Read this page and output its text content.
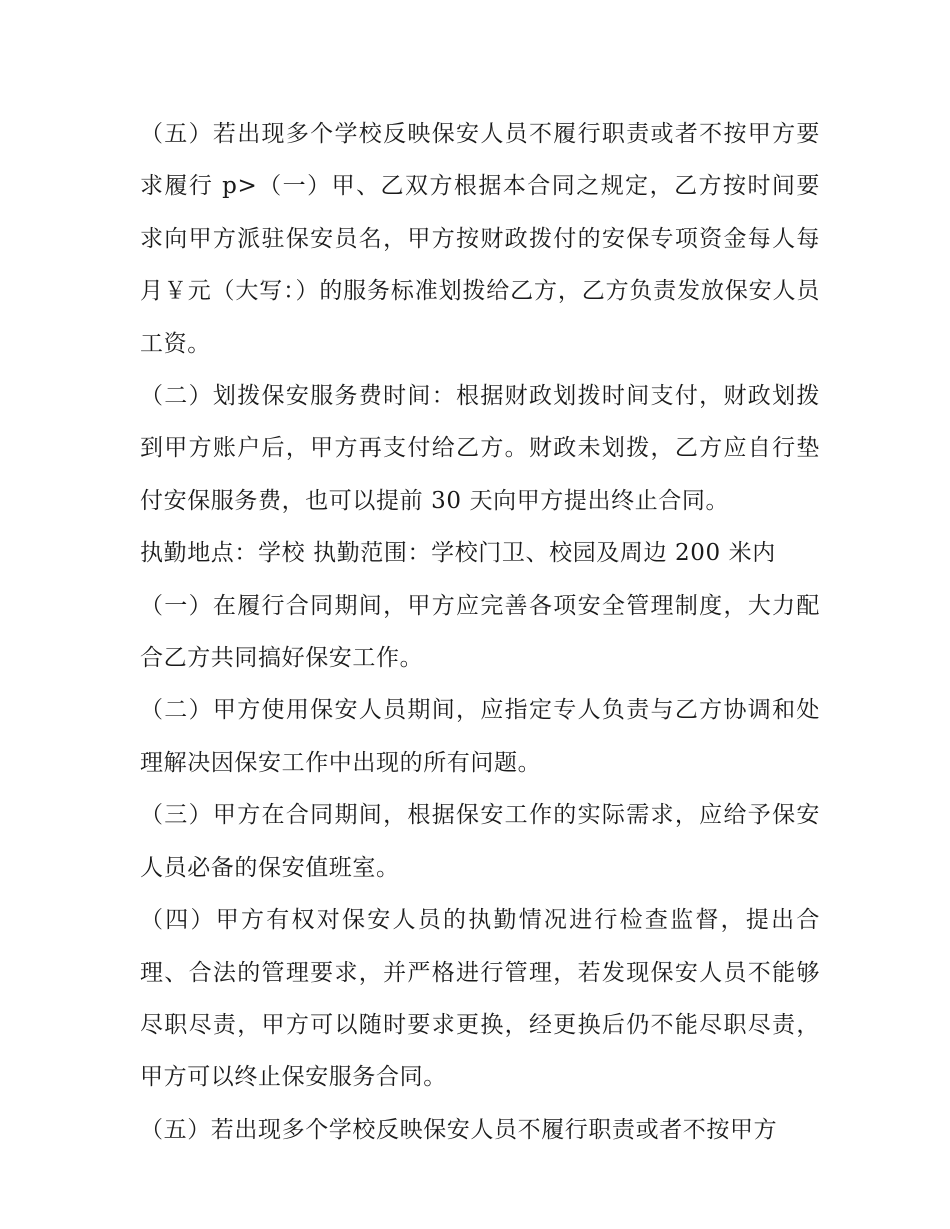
（五）若出现多个学校反映保安人员不履行职责或者不按甲方要求履行 p>（一）甲、乙双方根据本合同之规定，乙方按时间要求向甲方派驻保安员名，甲方按财政拨付的安保专项资金每人每月￥元（大写：）的服务标准划拨给乙方，乙方负责发放保安人员工资。

（二）划拨保安服务费时间：根据财政划拨时间支付，财政划拨到甲方账户后，甲方再支付给乙方。财政未划拨，乙方应自行垫付安保服务费，也可以提前 30 天向甲方提出终止合同。

执勤地点：学校 执勤范围：学校门卫、校园及周边 200 米内

（一）在履行合同期间，甲方应完善各项安全管理制度，大力配合乙方共同搞好保安工作。

（二）甲方使用保安人员期间，应指定专人负责与乙方协调和处理解决因保安工作中出现的所有问题。

（三）甲方在合同期间，根据保安工作的实际需求，应给予保安人员必备的保安值班室。

（四）甲方有权对保安人员的执勤情况进行检查监督，提出合理、合法的管理要求，并严格进行管理，若发现保安人员不能够尽职尽责，甲方可以随时要求更换，经更换后仍不能尽职尽责，甲方可以终止保安服务合同。

（五）若出现多个学校反映保安人员不履行职责或者不按甲方
